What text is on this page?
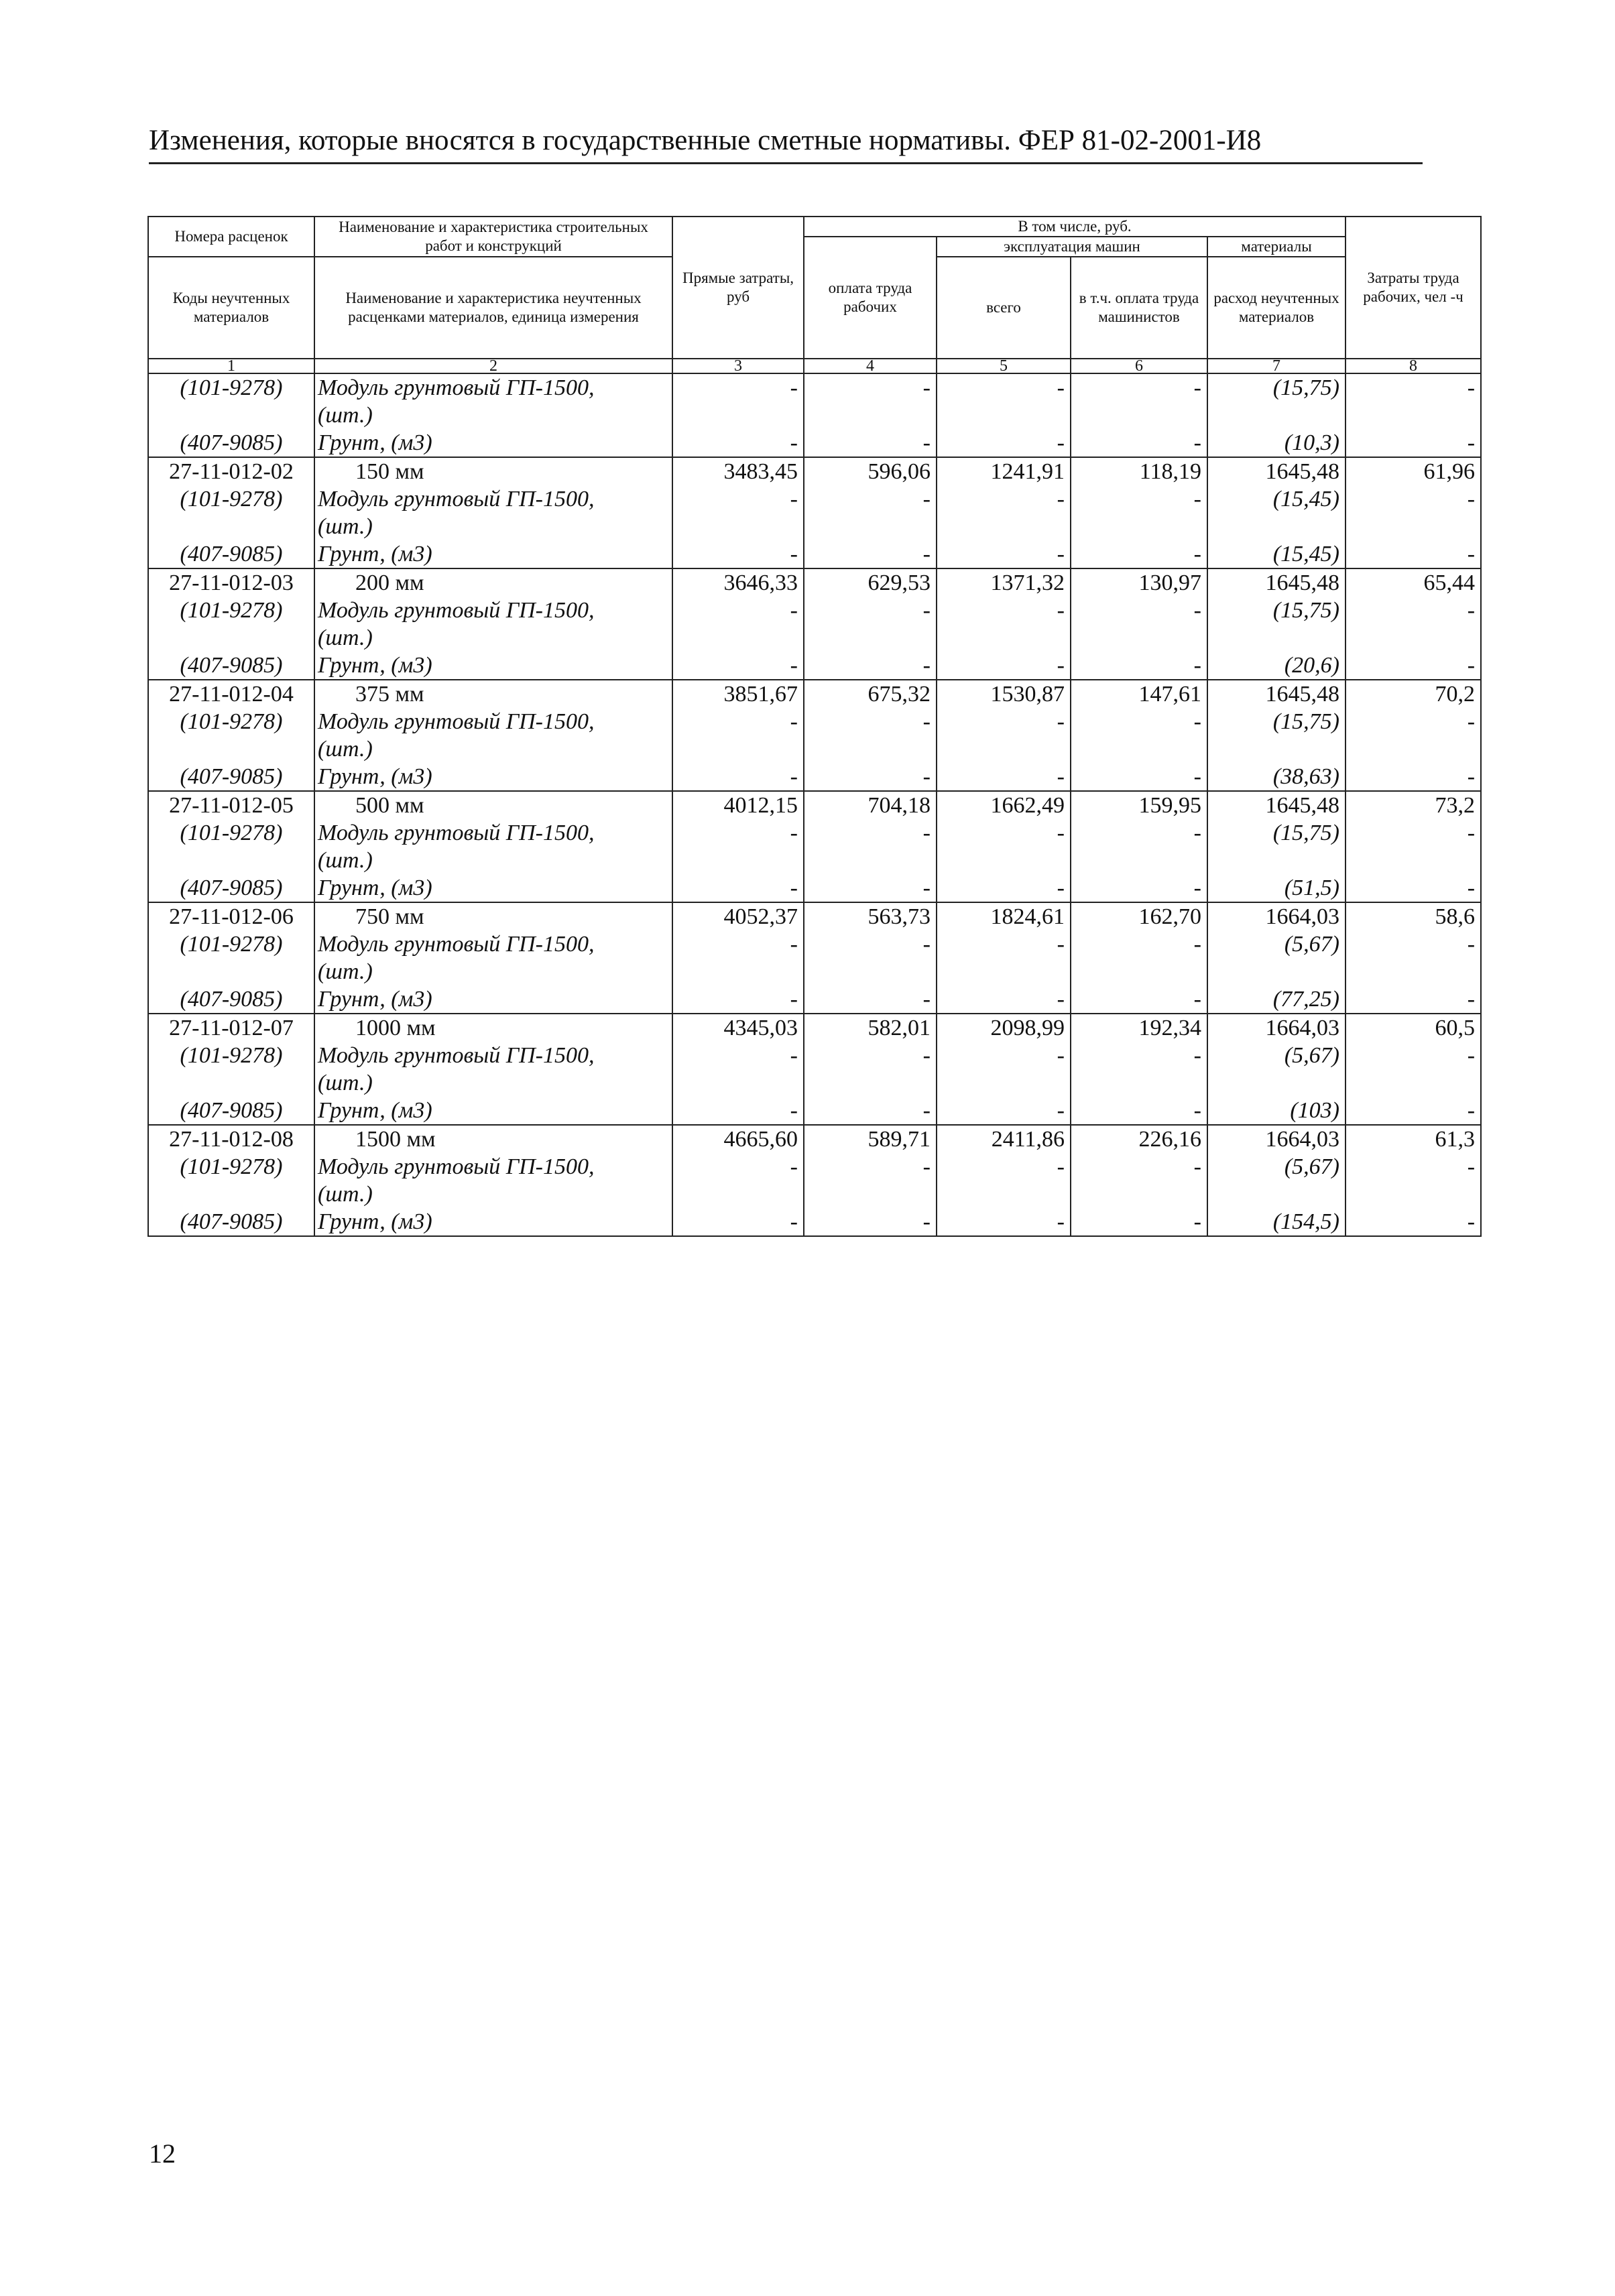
Изменения, которые вносятся в государственные сметные нормативы. ФЕР 81-02-2001-И8
Номера расценок	Наименование и характеристика строительных работ и конструкций	Прямые затраты, руб	В том числе, руб.				Затраты труда рабочих, чел -ч
			оплата труда рабочих	эксплуатация машин		материалы	
Коды неучтенных материалов	Наименование и характеристика неучтенных расценками материалов, единица измерения			всего	в т.ч. оплата труда машинистов	расход неучтенных материалов	

1	2	3	4	5	6	7	8
(101-9278)	Модуль грунтовый ГП-1500,	-	-	-	-	(15,75)	-
	(шт.)						
(407-9085)	Грунт, (м3)	-	-	-	-	(10,3)	-
27-11-012-02	150 мм	3483,45	596,06	1241,91	118,19	1645,48	61,96
(101-9278)	Модуль грунтовый ГП-1500,	-	-	-	-	(15,45)	-
	(шт.)						
(407-9085)	Грунт, (м3)	-	-	-	-	(15,45)	-
27-11-012-03	200 мм	3646,33	629,53	1371,32	130,97	1645,48	65,44
(101-9278)	Модуль грунтовый ГП-1500,	-	-	-	-	(15,75)	-
	(шт.)						
(407-9085)	Грунт, (м3)	-	-	-	-	(20,6)	-
27-11-012-04	375 мм	3851,67	675,32	1530,87	147,61	1645,48	70,2
(101-9278)	Модуль грунтовый ГП-1500,	-	-	-	-	(15,75)	-
	(шт.)						
(407-9085)	Грунт, (м3)	-	-	-	-	(38,63)	-
27-11-012-05	500 мм	4012,15	704,18	1662,49	159,95	1645,48	73,2
(101-9278)	Модуль грунтовый ГП-1500,	-	-	-	-	(15,75)	-
	(шт.)						
(407-9085)	Грунт, (м3)	-	-	-	-	(51,5)	-
27-11-012-06	750 мм	4052,37	563,73	1824,61	162,70	1664,03	58,6
(101-9278)	Модуль грунтовый ГП-1500,	-	-	-	-	(5,67)	-
	(шт.)						
(407-9085)	Грунт, (м3)	-	-	-	-	(77,25)	-
27-11-012-07	1000 мм	4345,03	582,01	2098,99	192,34	1664,03	60,5
(101-9278)	Модуль грунтовый ГП-1500,	-	-	-	-	(5,67)	-
	(шт.)						
(407-9085)	Грунт, (м3)	-	-	-	-	(103)	-
27-11-012-08	1500 мм	4665,60	589,71	2411,86	226,16	1664,03	61,3
(101-9278)	Модуль грунтовый ГП-1500,	-	-	-	-	(5,67)	-
	(шт.)						
(407-9085)	Грунт, (м3)	-	-	-	-	(154,5)	-
12
